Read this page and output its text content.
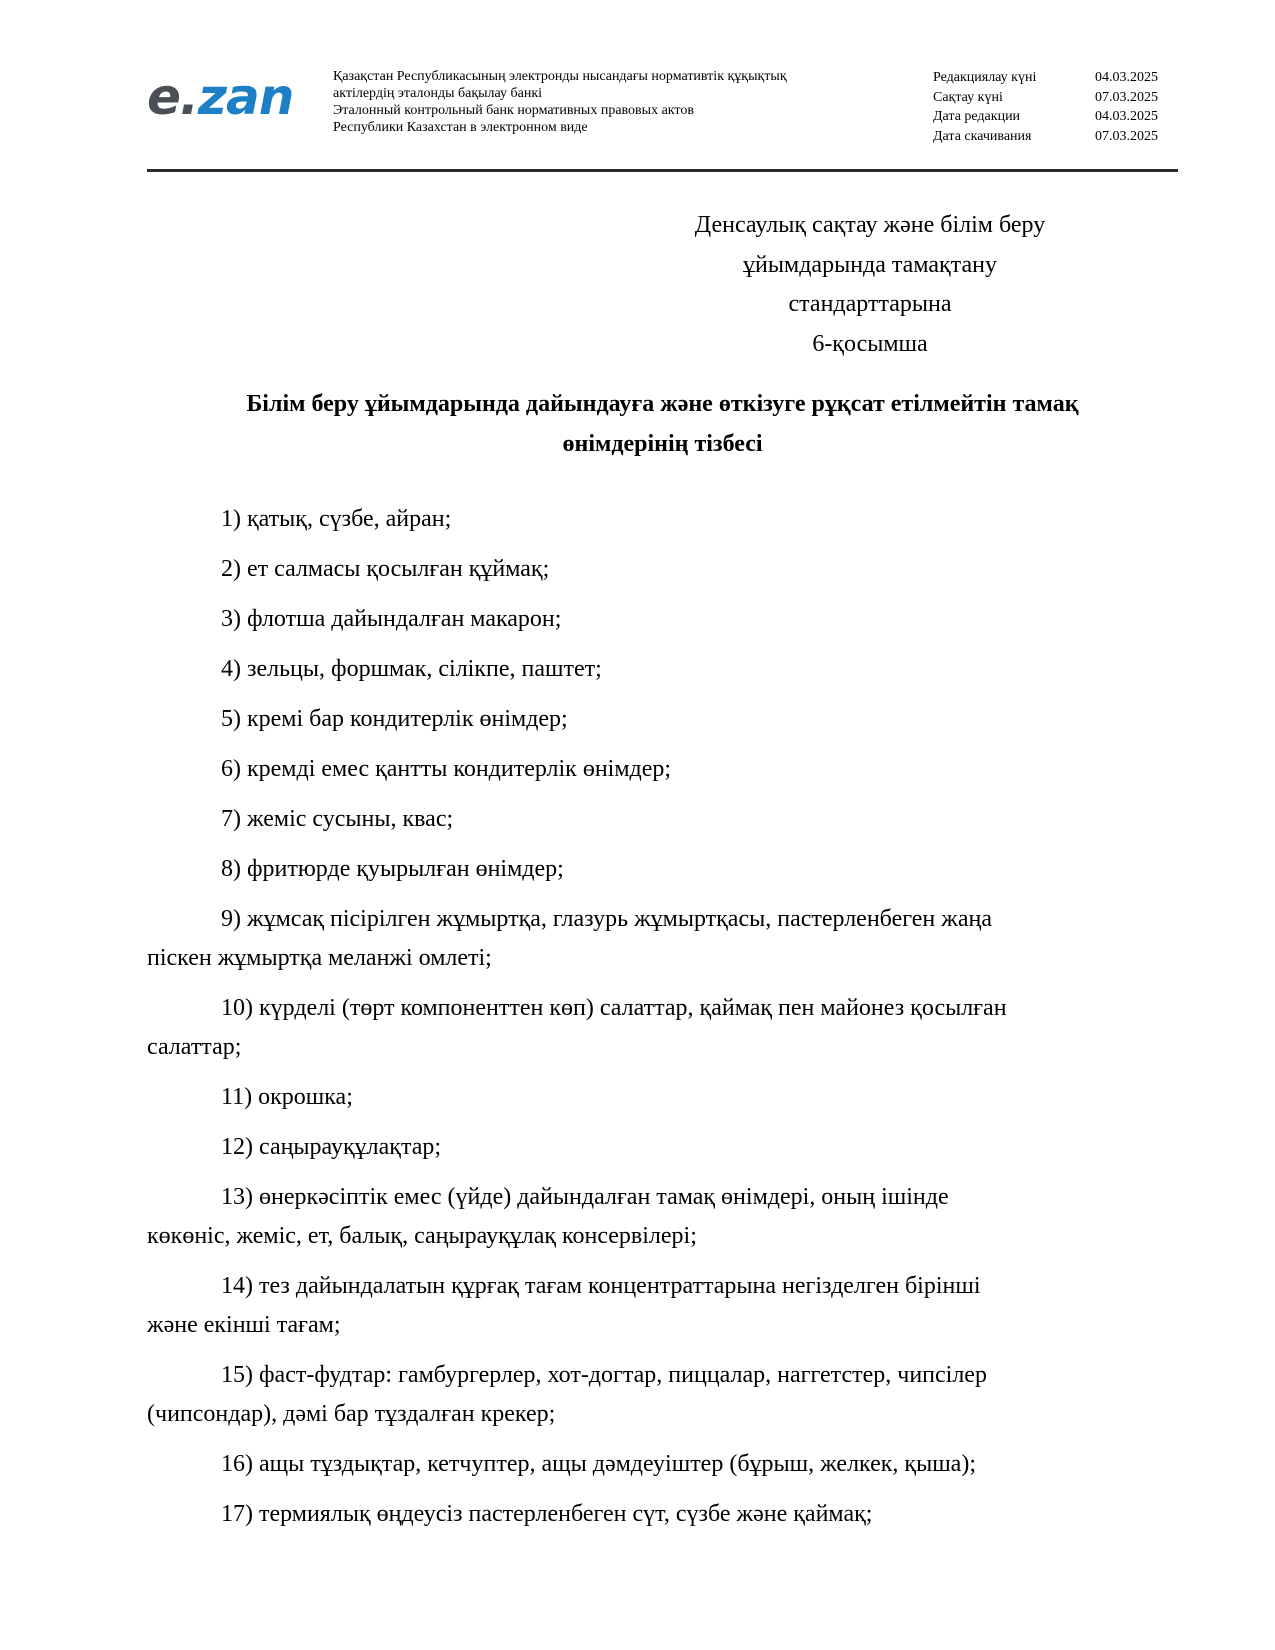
e.zan	Қазақстан Республикасының электронды нысандағы нормативтік құқықтық
актілердің эталонды бақылау банкі
Эталонный контрольный банк нормативных правовых актов
Республики Казахстан в электронном виде
Редакциялау күні	04.03.2025
Сақтау күні	07.03.2025
Дата редакции	04.03.2025
Дата скачивания	07.03.2025
Денсаулық сақтау және білім беру
ұйымдарында тамақтану
стандарттарына
6-қосымша
Білім беру ұйымдарында дайындауға және өткізуге рұқсат етілмейтін тамақ
өнімдерінің тізбесі
1) қатық, сүзбе, айран;
2) ет салмасы қосылған құймақ;
3) флотша дайындалған макарон;
4) зельцы, форшмак, сілікпе, паштет;
5) кремі бар кондитерлік өнімдер;
6) кремді емес қантты кондитерлік өнімдер;
7) жеміс сусыны, квас;
8) фритюрде қуырылған өнімдер;
9) жұмсақ пісірілген жұмыртқа, глазурь жұмыртқасы, пастерленбеген жаңа
піскен жұмыртқа меланжі омлеті;
10) күрделі (төрт компоненттен көп) салаттар, қаймақ пен майонез қосылған
салаттар;
11) окрошка;
12) саңырауқұлақтар;
13) өнеркәсіптік емес (үйде) дайындалған тамақ өнімдері, оның ішінде
көкөніс, жеміс, ет, балық, саңырауқұлақ консервілері;
14) тез дайындалатын құрғақ тағам концентраттарына негізделген бірінші
және екінші тағам;
15) фаст-фудтар: гамбургерлер, хот-догтар, пиццалар, наггетстер, чипсілер
(чипсондар), дәмі бар тұздалған крекер;
16) ащы тұздықтар, кетчуптер, ащы дәмдеуіштер (бұрыш, желкек, қыша);
17) термиялық өңдеусіз пастерленбеген сүт, сүзбе және қаймақ;
